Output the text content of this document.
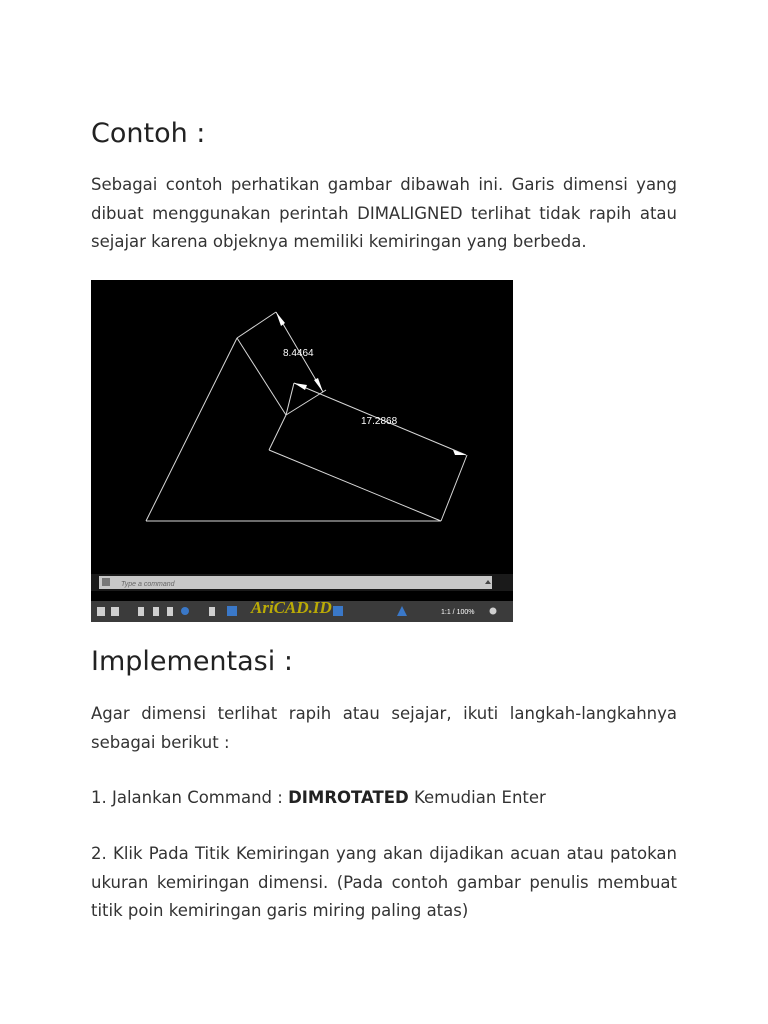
Contoh :

Sebagai contoh perhatikan gambar dibawah ini. Garis dimensi yang dibuat menggunakan perintah DIMALIGNED terlihat tidak rapih atau sejajar karena objeknya memiliki kemiringan yang berbeda.

8.4464
17.2868
Type a command
1:1 / 100%
AriCAD.ID
Implementasi :

Agar dimensi terlihat rapih atau sejajar, ikuti langkah-langkahnya sebagai berikut :

1. Jalankan Command : DIMROTATED Kemudian Enter

2. Klik Pada Titik Kemiringan yang akan dijadikan acuan atau patokan ukuran kemiringan dimensi. (Pada contoh gambar penulis membuat titik poin kemiringan garis miring paling atas)
